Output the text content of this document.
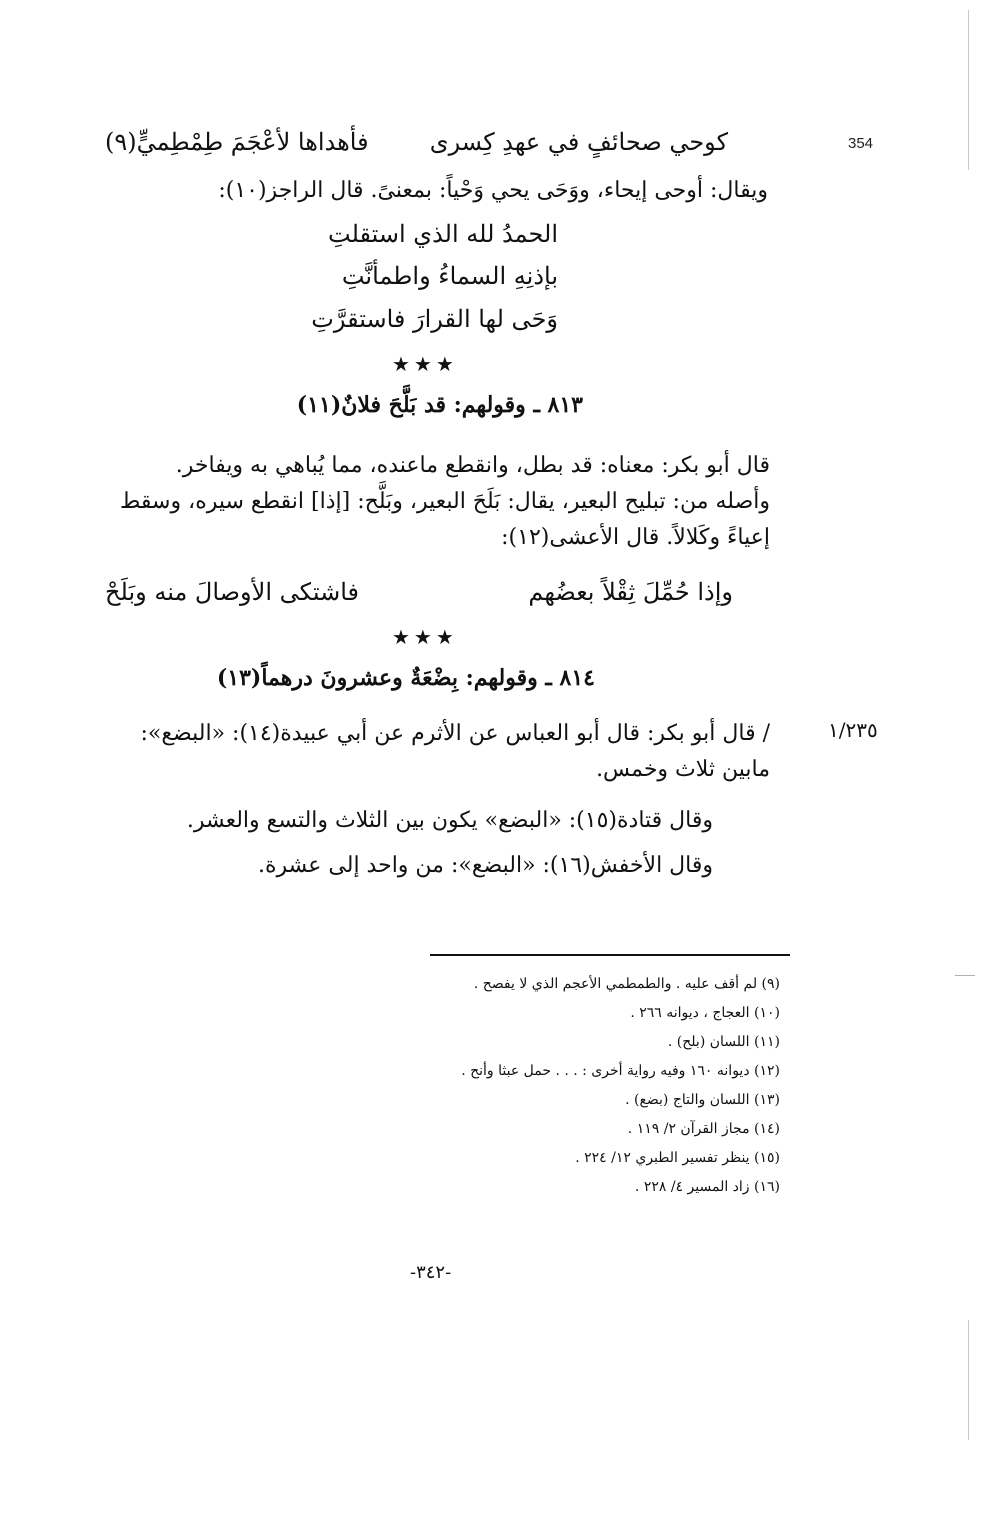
354
كوحي صحائفٍ في عهدِ كِسرى
فأهداها لأعْجَمَ طِمْطِميٍّ(٩)
ويقال: أوحى إيحاء، ووَحَى يحي وَحْياً: بمعنىً. قال الراجز(١٠):
الحمدُ لله الذي استقلتِ
بإذنِهِ السماءُ واطمأنَّتِ
وَحَى لها القرارَ فاستقرَّتِ
★★★
٨١٣ ـ وقولهم: قد بَلَّحَ فلانٌ(١١)
قال أبو بكر: معناه: قد بطل، وانقطع ماعنده، مما يُباهي به ويفاخر.
وأصله من: تبليح البعير، يقال: بَلَحَ البعير، وبَلَّح: [إذا] انقطع سيره، وسقط
إعياءً وكَلالاً. قال الأعشى(١٢):
وإذا حُمِّلَ ثِقْلاً بعضُهم
فاشتكى الأوصالَ منه وبَلَحْ
★★★
٨١٤ ـ وقولهم: بِضْعَةٌ وعشرونَ درهماً(١٣)
١/٢٣٥
/ قال أبو بكر: قال أبو العباس عن الأثرم عن أبي عبيدة(١٤): «البضع»:
مابين ثلاث وخمس.
وقال قتادة(١٥): «البضع» يكون بين الثلاث والتسع والعشر.
وقال الأخفش(١٦): «البضع»: من واحد إلى عشرة.
(٩) لم أقف عليه . والطمطمي الأعجم الذي لا يفصح .
(١٠) العجاج ، ديوانه ٢٦٦ .
(١١) اللسان (بلح) .
(١٢) ديوانه ١٦٠ وفيه رواية أخرى : . . . حمل عبثا وأنح .
(١٣) اللسان والتاج (بضع) .
(١٤) مجاز القرآن ٢/ ١١٩ .
(١٥) ينظر تفسير الطبري ١٢/ ٢٢٤ .
(١٦) زاد المسير ٤/ ٢٢٨ .
-٣٤٢-
